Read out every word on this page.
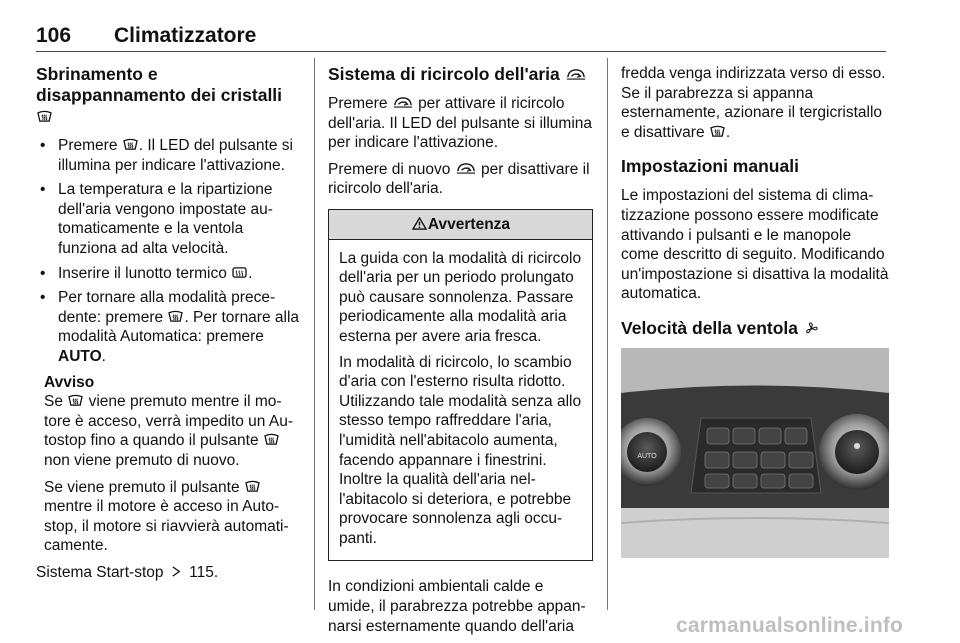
106 Climatizzatore
Sbrinamento e disappannamento dei cristalli
• Premere . Il LED del pulsante si illumina per indicare l'attivazione.
• La temperatura e la ripartizione dell'aria vengono impostate automaticamente e la ventola funziona ad alta velocità.
• Inserire il lunotto termico .
• Per tornare alla modalità precedente: premere . Per tornare alla modalità Automatica: premere AUTO.
Avviso

Se viene premuto mentre il motore è acceso, verrà impedito un Autostop fino a quando il pulsante
non viene premuto di nuovo.

Se viene premuto il pulsante
mentre il motore è acceso in Autostop, il motore si riavvierà automaticamente.

Sistema Start-stop 115.

Sistema di ricircolo dell'aria

Premere per attivare il ricircolo dell'aria. Il LED del pulsante si illumina per indicare l'attivazione.

Premere di nuovo per disattivare il ricircolo dell'aria.

Avvertenza

La guida con la modalità di ricircolo dell'aria per un periodo prolungato può causare sonnolenza. Passare periodicamente alla modalità aria esterna per avere aria fresca.

In modalità di ricircolo, lo scambio d'aria con l'esterno risulta ridotto. Utilizzando tale modalità senza allo stesso tempo raffreddare l'aria, l'umidità nell'abitacolo aumenta, facendo appannare i finestrini. Inoltre la qualità dell'aria nell'abitacolo si deteriora, e potrebbe provocare sonnolenza agli occupanti.

In condizioni ambientali calde e umide, il parabrezza potrebbe appannarsi esternamente quando dell'aria

fredda venga indirizzata verso di esso. Se il parabrezza si appanna esternamente, azionare il tergicristallo e disattivare .

Impostazioni manuali

Le impostazioni del sistema di climatizzazione possono essere modificate attivando i pulsanti e le manopole come descritto di seguito. Modificando un'impostazione si disattiva la modalità automatica.

Velocità della ventola
AUTO
carmanualsonline.info
